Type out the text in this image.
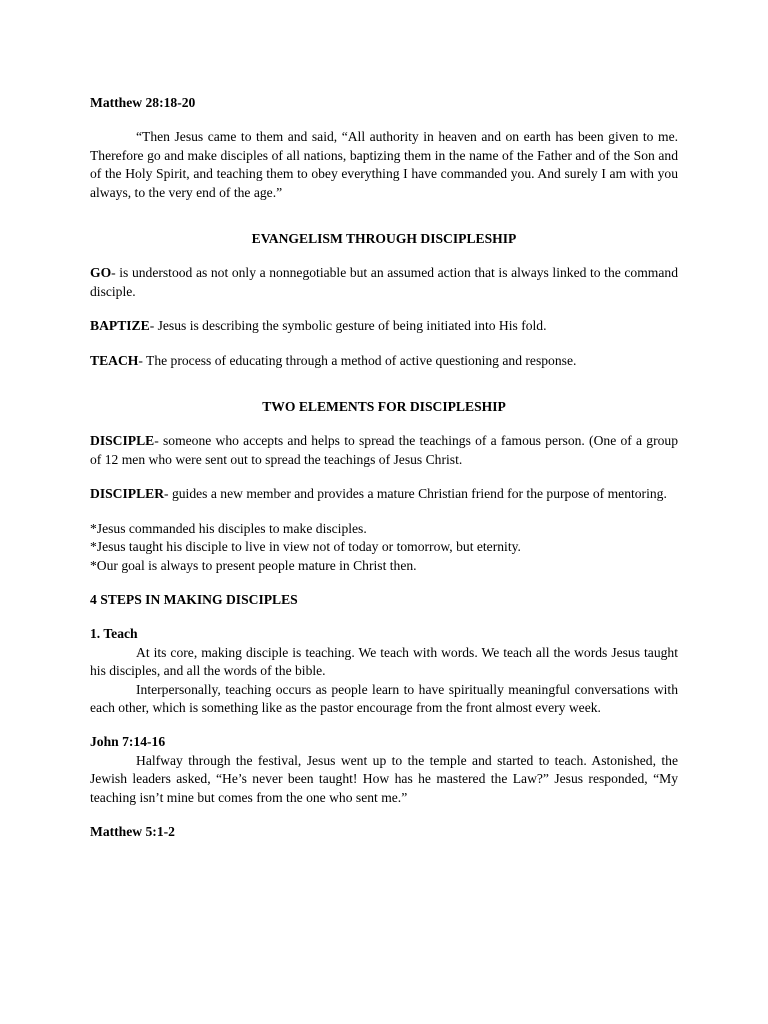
Matthew 28:18-20

“Then Jesus came to them and said, “All authority in heaven and on earth has been given to me. Therefore go and make disciples of all nations, baptizing them in the name of the Father and of the Son and of the Holy Spirit, and teaching them to obey everything I have commanded you. And surely I am with you always, to the very end of the age.”

EVANGELISM THROUGH DISCIPLESHIP

GO- is understood as not only a nonnegotiable but an assumed action that is always linked to the command disciple.

BAPTIZE- Jesus is describing the symbolic gesture of being initiated into His fold.

TEACH- The process of educating through a method of active questioning and response.

TWO ELEMENTS FOR DISCIPLESHIP

DISCIPLE- someone who accepts and helps to spread the teachings of a famous person. (One of a group of 12 men who were sent out to spread the teachings of Jesus Christ.

DISCIPLER- guides a new member and provides a mature Christian friend for the purpose of mentoring.

*Jesus commanded his disciples to make disciples.

*Jesus taught his disciple to live in view not of today or tomorrow, but eternity.

*Our goal is always to present people mature in Christ then.

4 STEPS IN MAKING DISCIPLES

1. Teach

At its core, making disciple is teaching. We teach with words. We teach all the words Jesus taught his disciples, and all the words of the bible.

Interpersonally, teaching occurs as people learn to have spiritually meaningful conversations with each other, which is something like as the pastor encourage from the front almost every week.

John 7:14-16

Halfway through the festival, Jesus went up to the temple and started to teach. Astonished, the Jewish leaders asked, “He’s never been taught! How has he mastered the Law?” Jesus responded, “My teaching isn’t mine but comes from the one who sent me.”

Matthew 5:1-2
